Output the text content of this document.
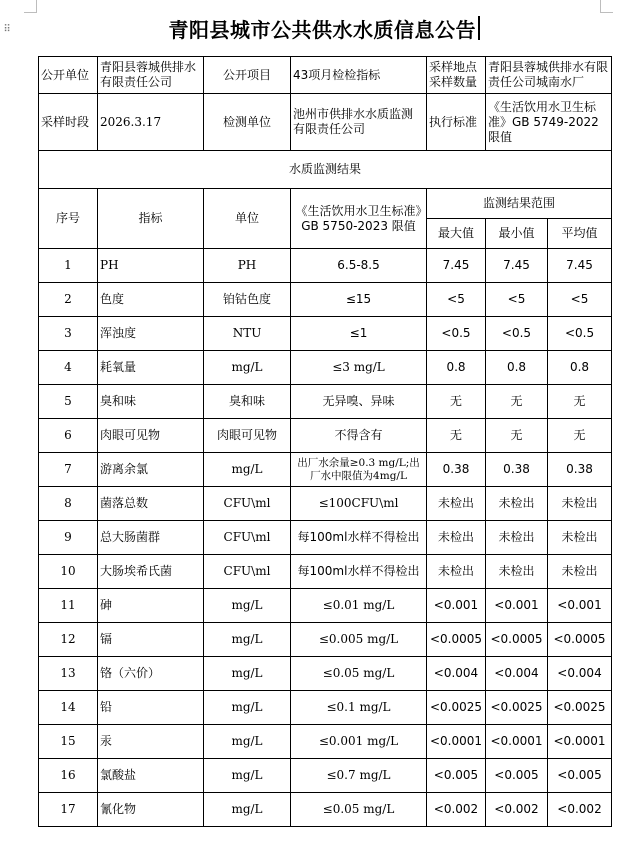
⠿	青阳县城市公共供水水质信息公告
公开单位	青阳县蓉城供排水有限责任公司	公开项目	43项月检检指标	采样地点采样数量	青阳县蓉城供排水有限责任公司城南水厂	
采样时段	2026.3.17	检测单位	池州市供排水水质监测有限责任公司	执行标准	《生活饮用水卫生标准》GB 5749-2022 限值	
水质监测结果						
序号	指标	单位	《生活饮用水卫生标准》GB 5750-2023 限值	监测结果范围		
				最大值	最小值	平均值
1	PH	PH	6.5-8.5	7.45	7.45	7.45
2	色度	铂钴色度	≤15	<5	<5	<5
3	浑浊度	NTU	≤1	<0.5	<0.5	<0.5
4	耗氧量	mg/L	≤3 mg/L	0.8	0.8	0.8
5	臭和味	臭和味	无异嗅、异味	无	无	无
6	肉眼可见物	肉眼可见物	不得含有	无	无	无
7	游离余氯	mg/L	出厂水余量≥0.3 mg/L;出厂水中限值为4mg/L	0.38	0.38	0.38
8	菌落总数	CFU\ml	≤100CFU\ml	未检出	未检出	未检出
9	总大肠菌群	CFU\ml	每100ml水样不得检出	未检出	未检出	未检出
10	大肠埃希氏菌	CFU\ml	每100ml水样不得检出	未检出	未检出	未检出
11	砷	mg/L	≤0.01 mg/L	<0.001	<0.001	<0.001
12	镉	mg/L	≤0.005 mg/L	<0.0005	<0.0005	<0.0005
13	铬（六价）	mg/L	≤0.05 mg/L	<0.004	<0.004	<0.004
14	铅	mg/L	≤0.1 mg/L	<0.0025	<0.0025	<0.0025
15	汞	mg/L	≤0.001 mg/L	<0.0001	<0.0001	<0.0001
16	氯酸盐	mg/L	≤0.7 mg/L	<0.005	<0.005	<0.005
17	氰化物	mg/L	≤0.05 mg/L	<0.002	<0.002	<0.002
